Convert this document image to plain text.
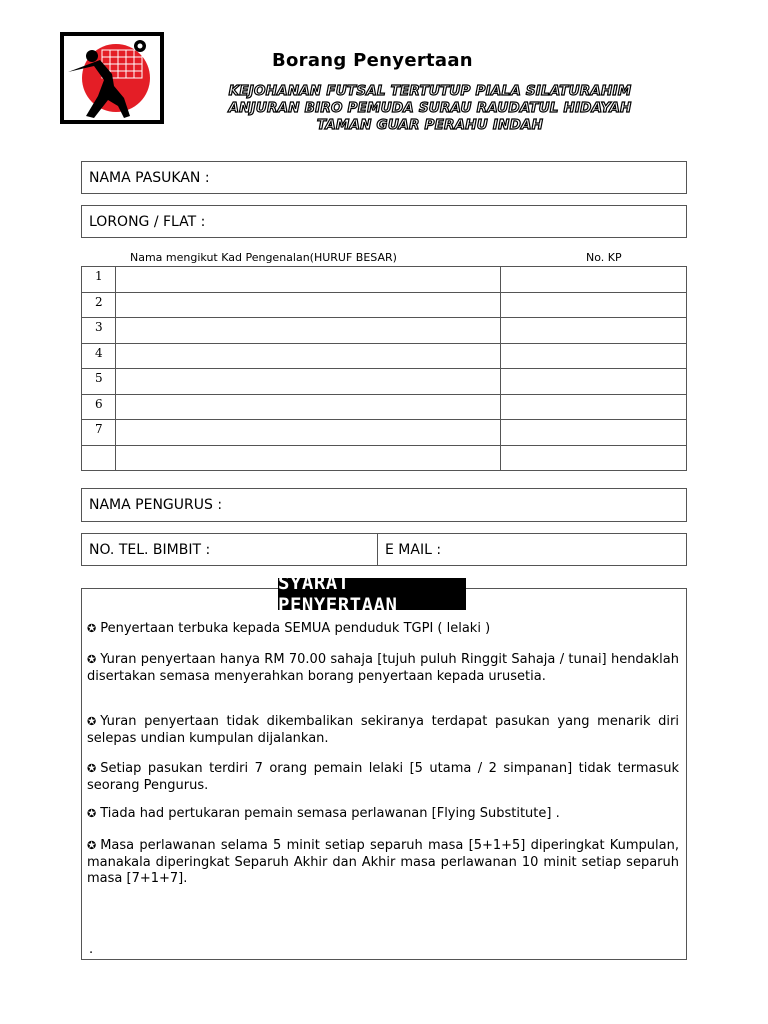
Borang Penyertaan
KEJOHANAN FUTSAL TERTUTUP PIALA SILATURAHIM
ANJURAN BIRO PEMUDA SURAU RAUDATUL HIDAYAH
TAMAN GUAR PERAHU INDAH
NAMA PASUKAN :
LORONG / FLAT :
Nama mengikut Kad Pengenalan(HURUF BESAR)	No. KP
1		
2		
3		
4		
5		
6		
7		

NAMA PENGURUS :
NO. TEL. BIMBIT :	E MAIL :
SYARAT PENYERTAAN
✪ Penyertaan terbuka kepada SEMUA penduduk TGPI ( lelaki )
✪ Yuran penyertaan hanya RM 70.00 sahaja [tujuh puluh Ringgit Sahaja / tunai] hendaklah disertakan semasa menyerahkan borang penyertaan kepada urusetia.
✪ Yuran penyertaan tidak dikembalikan sekiranya terdapat pasukan yang menarik diri selepas undian kumpulan dijalankan.
✪ Setiap pasukan terdiri 7 orang pemain lelaki [5 utama / 2 simpanan] tidak termasuk seorang Pengurus.
✪ Tiada had pertukaran pemain semasa perlawanan [Flying Substitute] .
✪ Masa perlawanan selama 5 minit setiap separuh masa [5+1+5] diperingkat Kumpulan, manakala diperingkat Separuh Akhir dan Akhir masa perlawanan 10 minit setiap separuh masa [7+1+7].
.
